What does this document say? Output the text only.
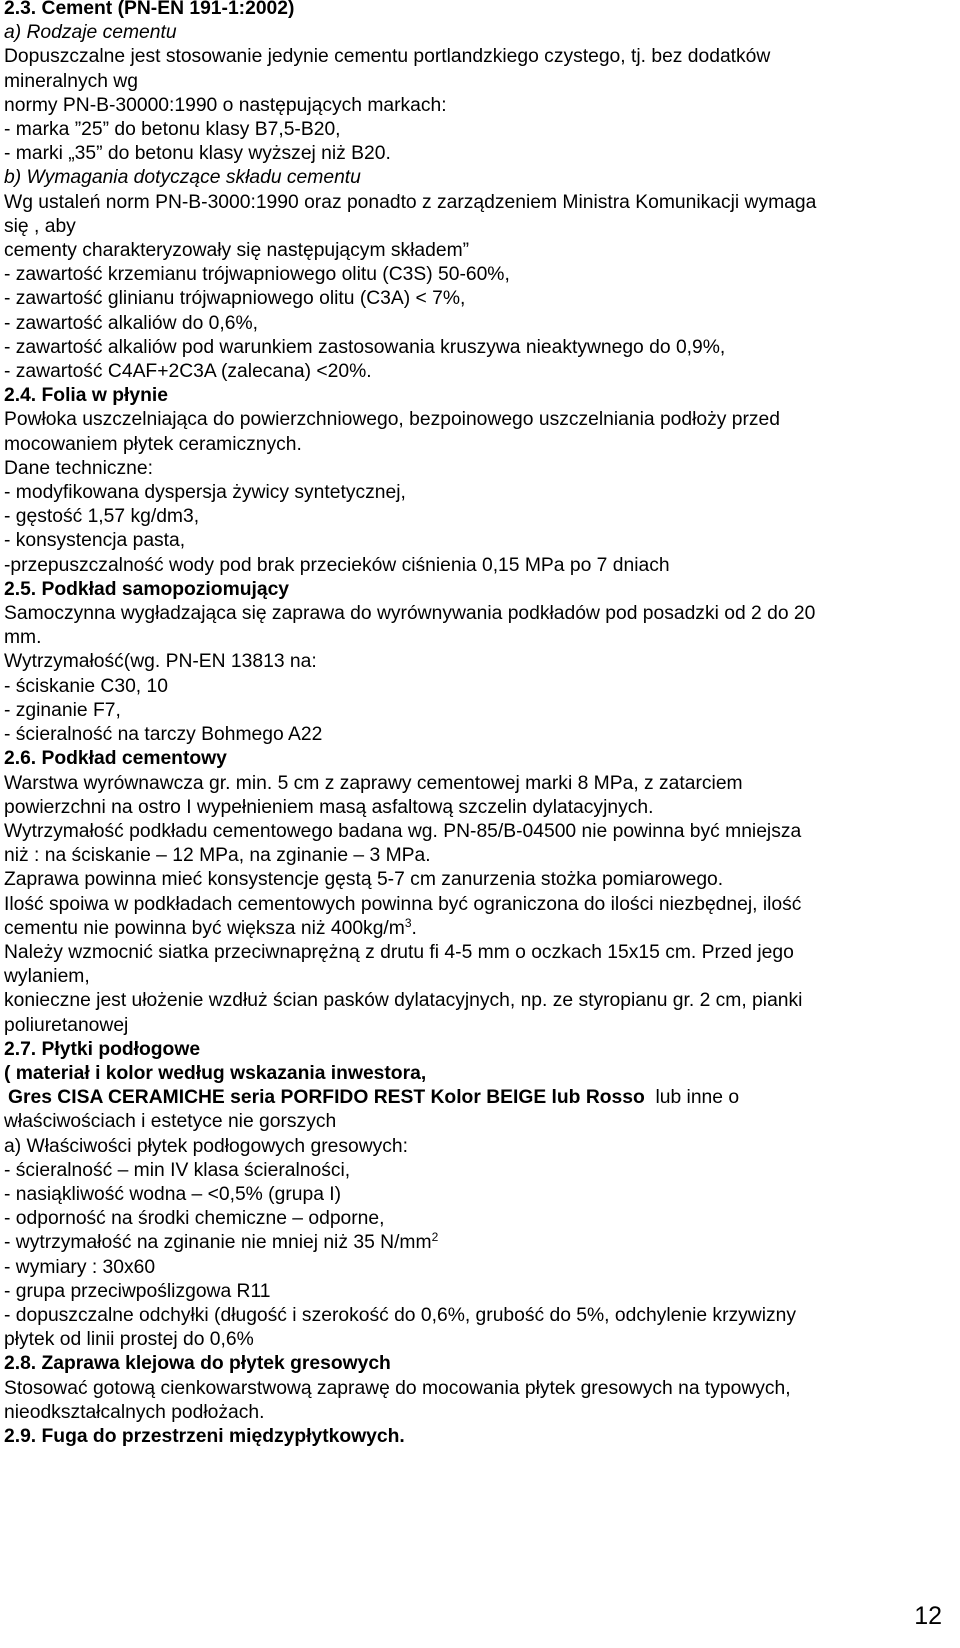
2.3. Cement (PN-EN 191-1:2002)
a) Rodzaje cementu
Dopuszczalne jest stosowanie jedynie cementu portlandzkiego czystego, tj. bez dodatków
mineralnych wg
normy PN-B-30000:1990 o następujących markach:
- marka ”25” do betonu klasy B7,5-B20,
- marki „35” do betonu klasy wyższej niż B20.
b) Wymagania dotyczące składu cementu
Wg ustaleń norm PN-B-3000:1990 oraz ponadto z zarządzeniem Ministra Komunikacji wymaga
się , aby
cementy charakteryzowały się następującym składem”
- zawartość krzemianu trójwapniowego olitu (C3S) 50-60%,
- zawartość glinianu trójwapniowego olitu (C3A) < 7%,
- zawartość alkaliów do 0,6%,
- zawartość alkaliów pod warunkiem zastosowania kruszywa nieaktywnego do 0,9%,
- zawartość C4AF+2C3A (zalecana) <20%.
2.4. Folia w płynie
Powłoka uszczelniająca do powierzchniowego, bezpoinowego uszczelniania podłoży przed
mocowaniem płytek ceramicznych.
Dane techniczne:
- modyfikowana dyspersja żywicy syntetycznej,
- gęstość 1,57 kg/dm3,
- konsystencja pasta,
-przepuszczalność wody pod brak przecieków ciśnienia 0,15 MPa po 7 dniach
2.5. Podkład samopoziomujący
Samoczynna wygładzająca się zaprawa do wyrównywania podkładów pod posadzki od 2 do 20
mm.
Wytrzymałość(wg. PN-EN 13813 na:
- ściskanie C30, 10
- zginanie F7,
- ścieralność na tarczy Bohmego A22
2.6. Podkład cementowy
Warstwa wyrównawcza gr. min. 5 cm z zaprawy cementowej marki 8 MPa, z zatarciem
powierzchni na ostro I wypełnieniem masą asfaltową szczelin dylatacyjnych.
Wytrzymałość podkładu cementowego badana wg. PN-85/B-04500 nie powinna być mniejsza
niż : na ściskanie – 12 MPa, na zginanie – 3 MPa.
Zaprawa powinna mieć konsystencje gęstą 5-7 cm zanurzenia stożka pomiarowego.
Ilość spoiwa w podkładach cementowych powinna być ograniczona do ilości niezbędnej, ilość
cementu nie powinna być większa niż $400kg/m^3$.
Należy wzmocnić siatka przeciwnaprężną z drutu fi 4-5 mm o oczkach 15x15 cm. Przed jego
wylaniem,
konieczne jest ułożenie wzdłuż ścian pasków dylatacyjnych, np. ze styropianu gr. 2 cm, pianki
poliuretanowej
2.7. Płytki podłogowe
( materiał i kolor według wskazania inwestora,
Gres CISA CERAMICHE seria PORFIDO REST Kolor BEIGE lub Rosso  lub inne o
właściwościach i estetyce nie gorszych
a) Właściwości płytek podłogowych gresowych:
- ścieralność – min IV klasa ścieralności,
- nasiąkliwość wodna – <0,5% (grupa I)
- odporność na środki chemiczne – odporne,
- wytrzymałość na zginanie nie mniej niż 35 $N/mm^2$
- wymiary : 30x60
- grupa przeciwpoślizgowa R11
- dopuszczalne odchyłki (długość i szerokość do 0,6%, grubość do 5%, odchylenie krzywizny
płytek od linii prostej do 0,6%
2.8. Zaprawa klejowa do płytek gresowych
Stosować gotową cienkowarstwową zaprawę do mocowania płytek gresowych na typowych,
nieodkształcalnych podłożach.
2.9. Fuga do przestrzeni międzypłytkowych.
12
